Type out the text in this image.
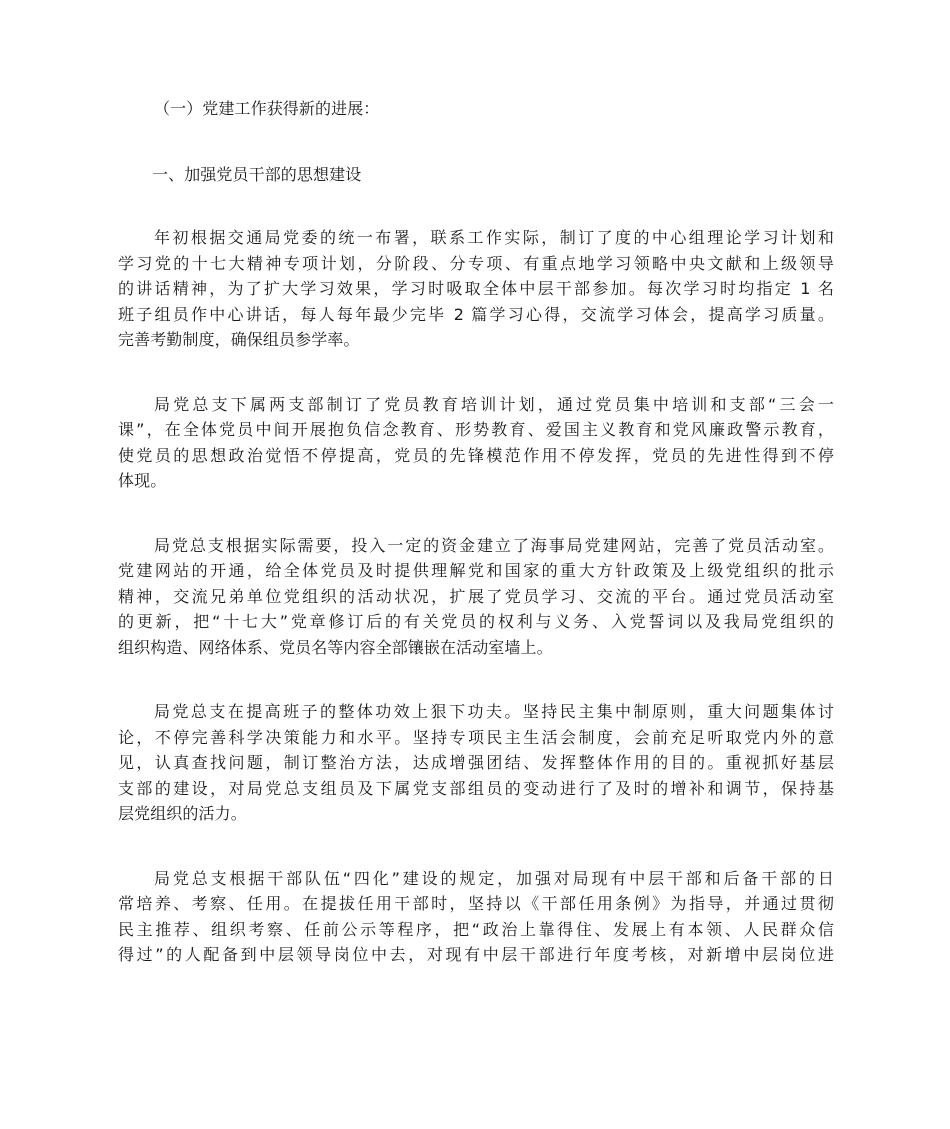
（一）党建工作获得新的进展：
一、加强党员干部的思想建设
年初根据交通局党委的统一布署，联系工作实际，制订了度的中心组理论学习计划和
学习党的十七大精神专项计划，分阶段、分专项、有重点地学习领略中央文献和上级领导
的讲话精神，为了扩大学习效果，学习时吸取全体中层干部参加。每次学习时均指定 1 名
班子组员作中心讲话，每人每年最少完毕 2 篇学习心得，交流学习体会，提高学习质量。
完善考勤制度，确保组员参学率。
局党总支下属两支部制订了党员教育培训计划，通过党员集中培训和支部“三会一
课”，在全体党员中间开展抱负信念教育、形势教育、爱国主义教育和党风廉政警示教育，
使党员的思想政治觉悟不停提高，党员的先锋模范作用不停发挥，党员的先进性得到不停
体现。
局党总支根据实际需要，投入一定的资金建立了海事局党建网站，完善了党员活动室。
党建网站的开通，给全体党员及时提供理解党和国家的重大方针政策及上级党组织的批示
精神，交流兄弟单位党组织的活动状况，扩展了党员学习、交流的平台。通过党员活动室
的更新，把“十七大”党章修订后的有关党员的权利与义务、入党誓词以及我局党组织的
组织构造、网络体系、党员名等内容全部镶嵌在活动室墙上。
局党总支在提高班子的整体功效上狠下功夫。坚持民主集中制原则，重大问题集体讨
论，不停完善科学决策能力和水平。坚持专项民主生活会制度，会前充足听取党内外的意
见，认真查找问题，制订整治方法，达成增强团结、发挥整体作用的目的。重视抓好基层
支部的建设，对局党总支组员及下属党支部组员的变动进行了及时的增补和调节，保持基
层党组织的活力。
局党总支根据干部队伍“四化”建设的规定，加强对局现有中层干部和后备干部的日
常培养、考察、任用。在提拔任用干部时，坚持以《干部任用条例》为指导，并通过贯彻
民主推荐、组织考察、任前公示等程序，把“政治上靠得住、发展上有本领、人民群众信
得过”的人配备到中层领导岗位中去，对现有中层干部进行年度考核，对新增中层岗位进
